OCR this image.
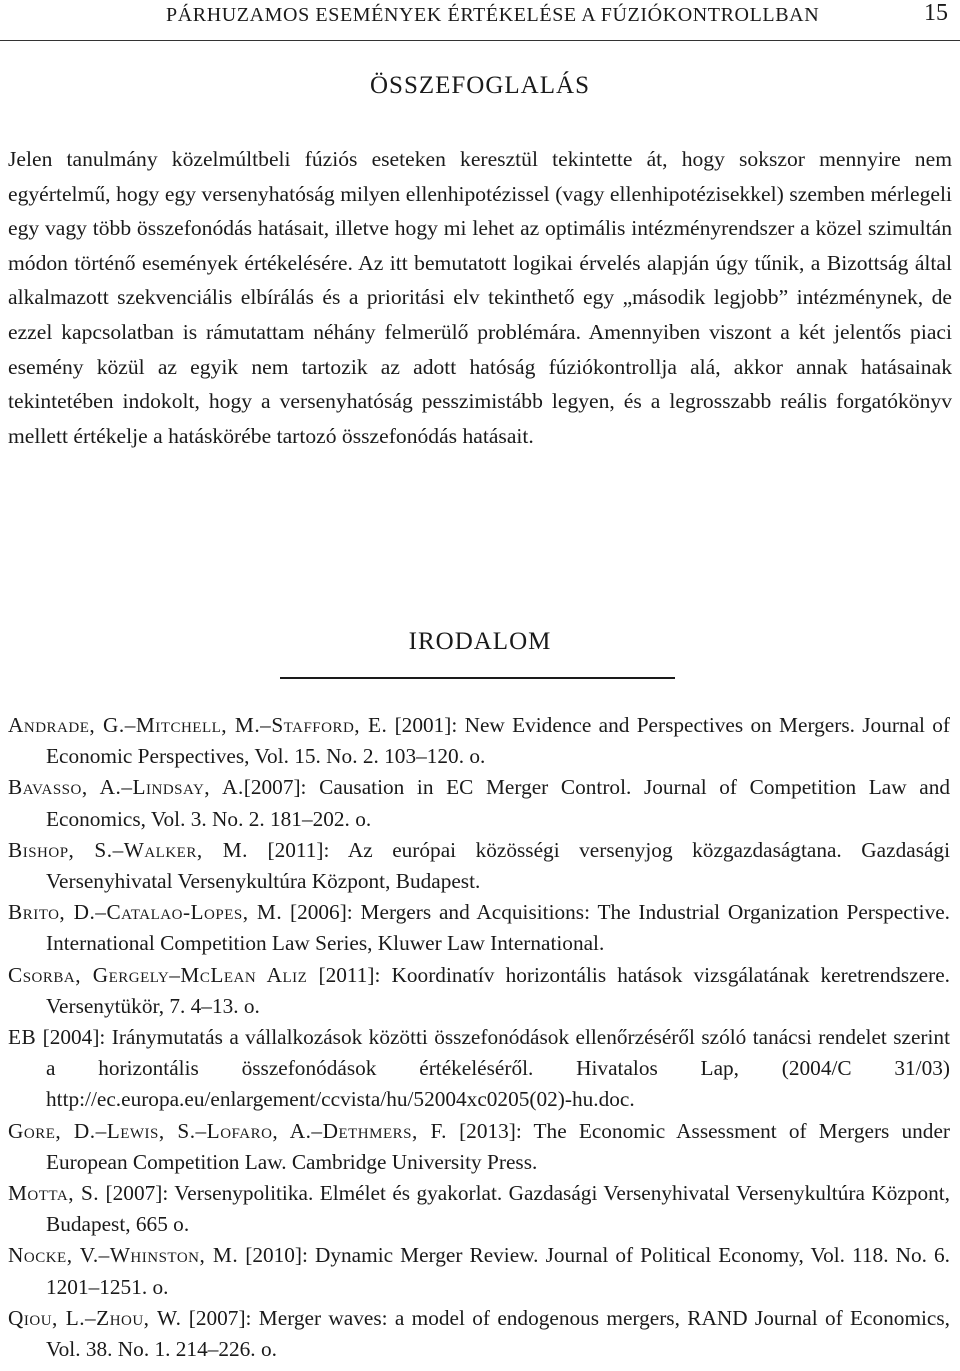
PÁRHUZAMOS ESEMÉNYEK ÉRTÉKELÉSE A FÚZIÓKONTROLLBAN	15
ÖSSZEFOGLALÁS

Jelen tanulmány közelmúltbeli fúziós eseteken keresztül tekintette át, hogy sokszor mennyire nem egyértelmű, hogy egy versenyhatóság milyen ellenhipotézissel (vagy ellenhipotézisekkel) szemben mérlegeli egy vagy több összefonódás hatásait, illetve hogy mi lehet az optimális intézményrendszer a közel szimultán módon történő események értékelésére. Az itt bemutatott logikai érvelés alapján úgy tűnik, a Bizottság által alkalmazott szekvenciális elbírálás és a prioritási elv tekinthető egy „második legjobb” intézménynek, de ezzel kapcsolatban is rámutattam néhány felmerülő problémára. Amennyiben viszont a két jelentős piaci esemény közül az egyik nem tartozik az adott hatóság fúziókontrollja alá, akkor annak hatásainak tekintetében indokolt, hogy a versenyhatóság pesszimistább legyen, és a legrosszabb reális forgatókönyv mellett értékelje a hatáskörébe tartozó összefonódás hatásait.

IRODALOM
Andrade, G.–Mitchell, M.–Stafford, E. [2001]: New Evidence and Perspectives on Mergers. Journal of Economic Perspectives, Vol. 15. No. 2. 103–120. o.
Bavasso, A.–Lindsay, A.[2007]: Causation in EC Merger Control. Journal of Competition Law and Economics, Vol. 3. No. 2. 181–202. o.
Bishop, S.–Walker, M. [2011]: Az európai közösségi versenyjog közgazdaságtana. Gazdasági Versenyhivatal Versenykultúra Központ, Budapest.
Brito, D.–Catalao-Lopes, M. [2006]: Mergers and Acquisitions: The Industrial Organization Perspective. International Competition Law Series, Kluwer Law International.
Csorba, Gergely–McLean Aliz [2011]: Koordinatív horizontális hatások vizsgálatának keretrendszere. Versenytükör, 7. 4–13. o.
EB [2004]: Iránymutatás a vállalkozások közötti összefonódások ellenőrzéséről szóló tanácsi rendelet szerint a horizontális összefonódások értékeléséről. Hivatalos Lap, (2004/C 31/03) http://ec.europa.eu/enlargement/ccvista/hu/52004xc0205(02)-hu.doc.
Gore, D.–Lewis, S.–Lofaro, A.–Dethmers, F. [2013]: The Economic Assessment of Mergers under European Competition Law. Cambridge University Press.
Motta, S. [2007]: Versenypolitika. Elmélet és gyakorlat. Gazdasági Versenyhivatal Versenykultúra Központ, Budapest, 665 o.
Nocke, V.–Whinston, M. [2010]: Dynamic Merger Review. Journal of Political Economy, Vol. 118. No. 6. 1201–1251. o.
Qiou, L.–Zhou, W. [2007]: Merger waves: a model of endogenous mergers, RAND Journal of Economics, Vol. 38. No. 1. 214–226. o.
